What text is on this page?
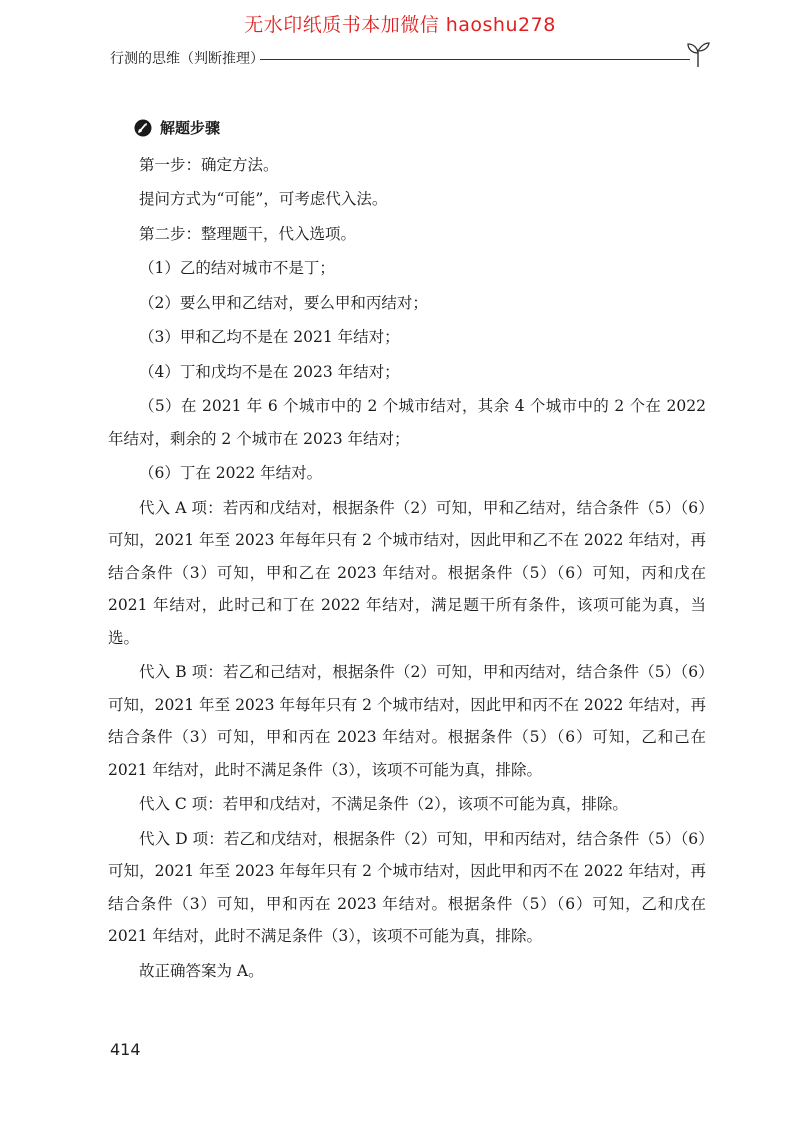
无水印纸质书本加微信 haoshu278
行测的思维（判断推理）
解题步骤

第一步：确定方法。

提问方式为“可能”，可考虑代入法。

第二步：整理题干，代入选项。

（1）乙的结对城市不是丁；

（2）要么甲和乙结对，要么甲和丙结对；

（3）甲和乙均不是在 2021 年结对；

（4）丁和戊均不是在 2023 年结对；

（5）在 2021 年 6 个城市中的 2 个城市结对，其余 4 个城市中的 2 个在 2022 年结对，剩余的 2 个城市在 2023 年结对；

（6）丁在 2022 年结对。

代入 A 项：若丙和戊结对，根据条件（2）可知，甲和乙结对，结合条件（5）（6）可知，2021 年至 2023 年每年只有 2 个城市结对，因此甲和乙不在 2022 年结对，再结合条件（3）可知，甲和乙在 2023 年结对。根据条件（5）（6）可知，丙和戊在 2021 年结对，此时己和丁在 2022 年结对，满足题干所有条件，该项可能为真，当选。

代入 B 项：若乙和己结对，根据条件（2）可知，甲和丙结对，结合条件（5）（6）可知，2021 年至 2023 年每年只有 2 个城市结对，因此甲和丙不在 2022 年结对，再结合条件（3）可知，甲和丙在 2023 年结对。根据条件（5）（6）可知，乙和己在 2021 年结对，此时不满足条件（3），该项不可能为真，排除。

代入 C 项：若甲和戊结对，不满足条件（2），该项不可能为真，排除。

代入 D 项：若乙和戊结对，根据条件（2）可知，甲和丙结对，结合条件（5）（6）可知，2021 年至 2023 年每年只有 2 个城市结对，因此甲和丙不在 2022 年结对，再结合条件（3）可知，甲和丙在 2023 年结对。根据条件（5）（6）可知，乙和戊在 2021 年结对，此时不满足条件（3），该项不可能为真，排除。

故正确答案为 A。

414
